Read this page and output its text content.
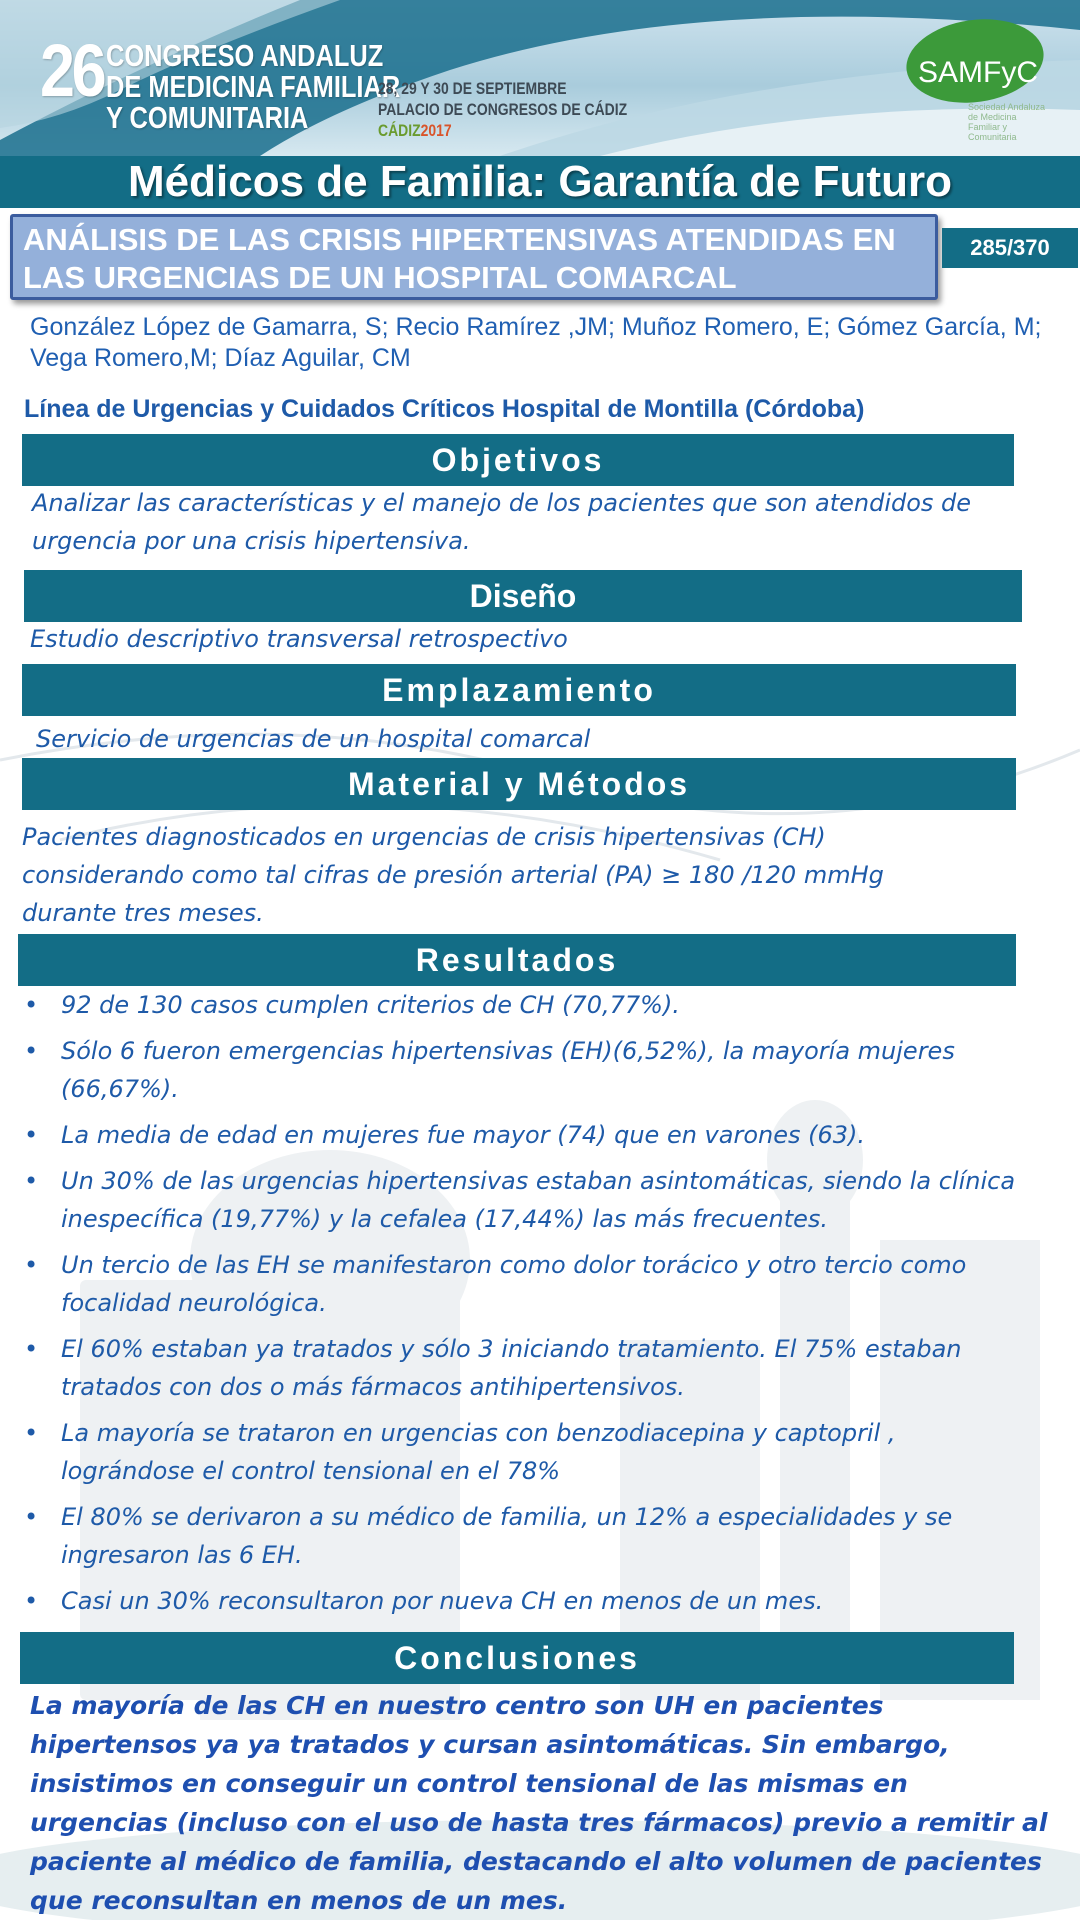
26 CONGRESO ANDALUZ
DE MEDICINA FAMILIAR
Y COMUNITARIA
28, 29 Y 30 DE SEPTIEMBRE
PALACIO DE CONGRESOS DE CÁDIZ
CÁDIZ2017
SAMFyC
Sociedad Andaluza de Medicina Familiar y Comunitaria
Médicos de Familia: Garantía de Futuro
ANÁLISIS DE LAS CRISIS HIPERTENSIVAS ATENDIDAS EN
LAS URGENCIAS DE UN HOSPITAL COMARCAL
285/370
González López de Gamarra, S; Recio Ramírez ,JM; Muñoz Romero, E; Gómez García, M; Vega Romero,M; Díaz Aguilar, CM
Línea de Urgencias y Cuidados Críticos Hospital de Montilla (Córdoba)
Objetivos
Analizar las características y el manejo de los pacientes que son atendidos de urgencia por una crisis hipertensiva.
Diseño
Estudio descriptivo transversal retrospectivo
Emplazamiento
Servicio de urgencias de un hospital comarcal
Material y Métodos
Pacientes diagnosticados en urgencias de crisis hipertensivas (CH) considerando como tal cifras de presión arterial (PA) ≥ 180 /120 mmHg durante tres meses.
Resultados
• 92 de 130 casos cumplen criterios de CH (70,77%).
• Sólo 6 fueron emergencias hipertensivas (EH)(6,52%), la mayoría mujeres (66,67%).
• La media de edad en mujeres fue mayor (74) que en varones (63).
• Un 30% de las urgencias hipertensivas estaban asintomáticas, siendo la clínica inespecífica (19,77%) y la cefalea (17,44%) las más frecuentes.
• Un tercio de las EH se manifestaron como dolor torácico y otro tercio como focalidad neurológica.
• El 60% estaban ya tratados y sólo 3 iniciando tratamiento. El 75% estaban tratados con dos o más fármacos antihipertensivos.
• La mayoría se trataron en urgencias con benzodiacepina y captopril , lográndose el control tensional en el 78%
• El 80% se derivaron a su médico de familia, un 12% a especialidades y se ingresaron las 6 EH.
• Casi un 30% reconsultaron por nueva CH en menos de un mes.
Conclusiones
La mayoría de las CH en nuestro centro son UH en pacientes hipertensos ya ya tratados y cursan asintomáticas. Sin embargo, insistimos en conseguir un control tensional de las mismas en urgencias (incluso con el uso de hasta tres fármacos) previo a remitir al paciente al médico de familia, destacando el alto volumen de pacientes que reconsultan en menos de un mes.
